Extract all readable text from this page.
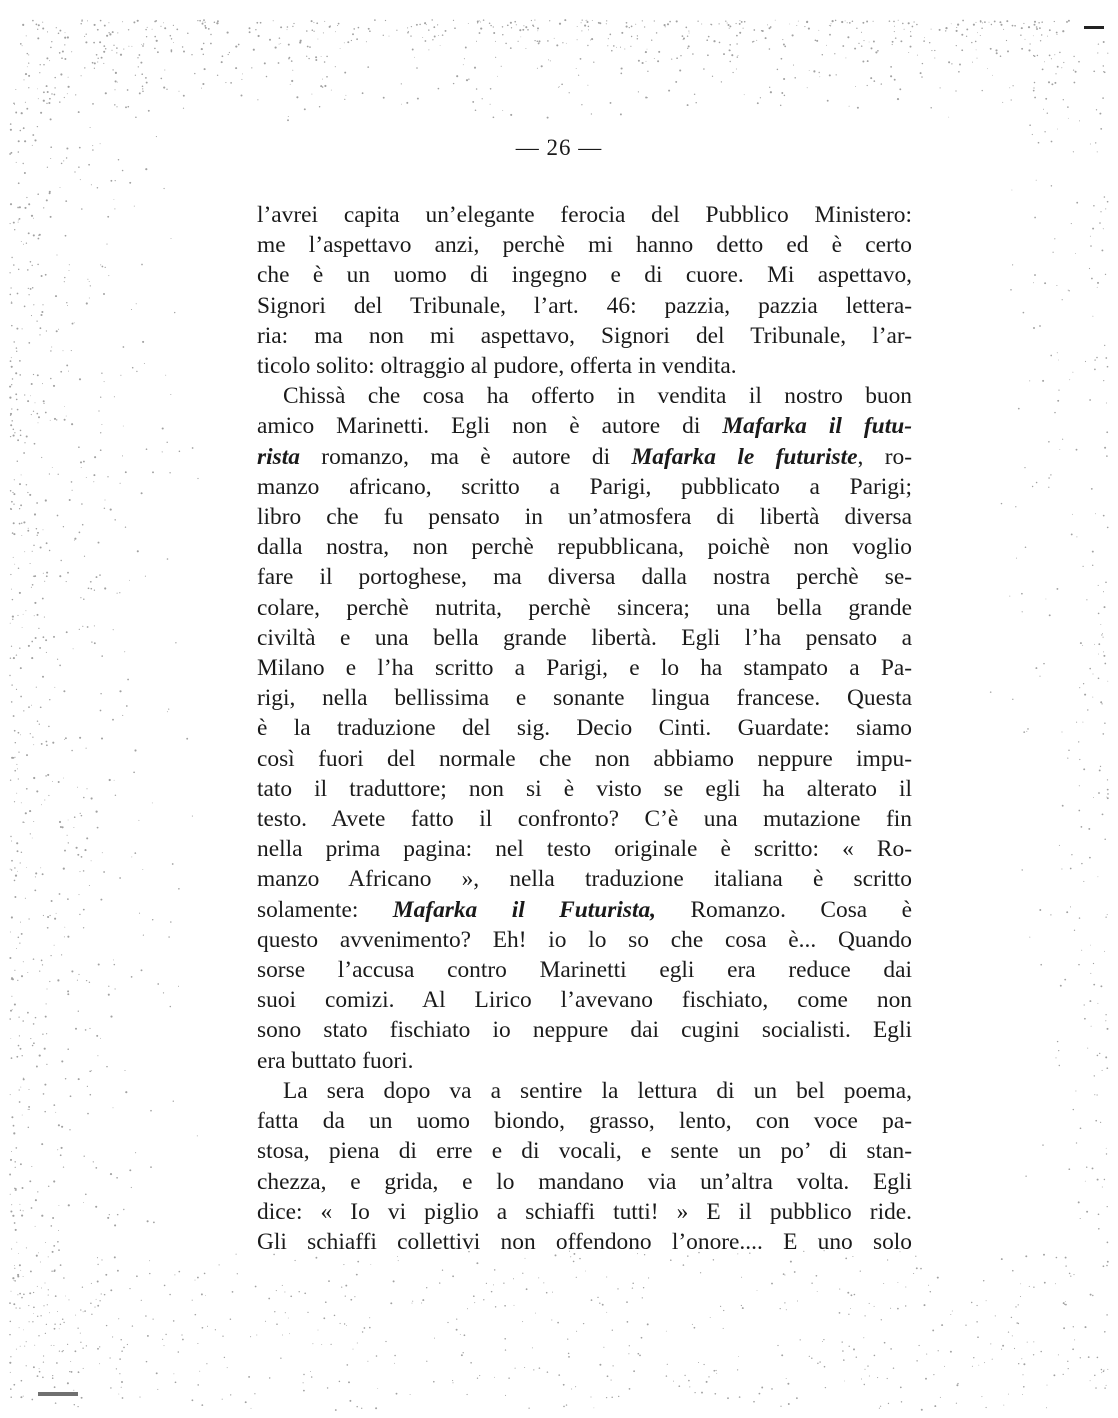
— 26 —
l’avrei capita un’elegante ferocia del Pubblico Ministero:
me l’aspettavo anzi, perchè mi hanno detto ed è certo
che è un uomo di ingegno e di cuore. Mi aspettavo,
Signori del Tribunale, l’art. 46: pazzia, pazzia lettera-
ria: ma non mi aspettavo, Signori del Tribunale, l’ar-
ticolo solito: oltraggio al pudore, offerta in vendita.
Chissà che cosa ha offerto in vendita il nostro buon
amico Marinetti. Egli non è autore di Mafarka il futu-
rista romanzo, ma è autore di Mafarka le futuriste, ro-
manzo africano, scritto a Parigi, pubblicato a Parigi;
libro che fu pensato in un’atmosfera di libertà diversa
dalla nostra, non perchè repubblicana, poichè non voglio
fare il portoghese, ma diversa dalla nostra perchè se-
colare, perchè nutrita, perchè sincera; una bella grande
civiltà e una bella grande libertà. Egli l’ha pensato a
Milano e l’ha scritto a Parigi, e lo ha stampato a Pa-
rigi, nella bellissima e sonante lingua francese. Questa
è la traduzione del sig. Decio Cinti. Guardate: siamo
così fuori del normale che non abbiamo neppure impu-
tato il traduttore; non si è visto se egli ha alterato il
testo. Avete fatto il confronto? C’è una mutazione fin
nella prima pagina: nel testo originale è scritto: « Ro-
manzo Africano », nella traduzione italiana è scritto
solamente: Mafarka il Futurista, Romanzo. Cosa è
questo avvenimento? Eh! io lo so che cosa è... Quando
sorse l’accusa contro Marinetti egli era reduce dai
suoi comizi. Al Lirico l’avevano fischiato, come non
sono stato fischiato io neppure dai cugini socialisti. Egli
era buttato fuori.
La sera dopo va a sentire la lettura di un bel poema,
fatta da un uomo biondo, grasso, lento, con voce pa-
stosa, piena di erre e di vocali, e sente un po’ di stan-
chezza, e grida, e lo mandano via un’altra volta. Egli
dice: « Io vi piglio a schiaffi tutti! » E il pubblico ride.
Gli schiaffi collettivi non offendono l’onore.... E uno solo
